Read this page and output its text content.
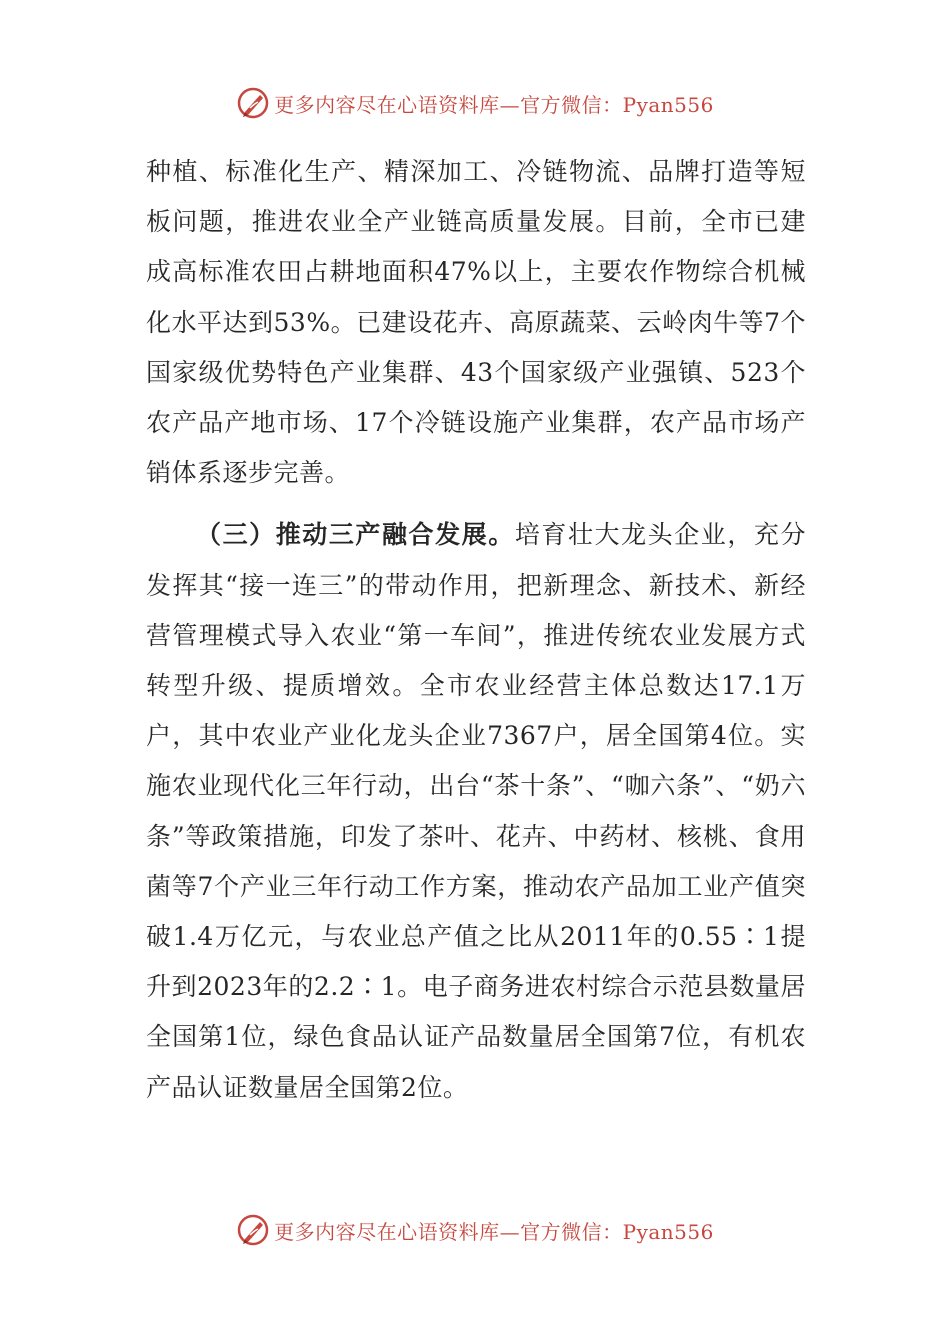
更多内容尽在心语资料库—官方微信：Pyan556

种植、标准化生产、精深加工、冷链物流、品牌打造等短板问题，推进农业全产业链高质量发展。目前，全市已建成高标准农田占耕地面积47%以上，主要农作物综合机械化水平达到53%。已建设花卉、高原蔬菜、云岭肉牛等7个国家级优势特色产业集群、43个国家级产业强镇、523个农产品产地市场、17个冷链设施产业集群，农产品市场产销体系逐步完善。

（三）推动三产融合发展。培育壮大龙头企业，充分发挥其“接一连三”的带动作用，把新理念、新技术、新经营管理模式导入农业“第一车间”，推进传统农业发展方式转型升级、提质增效。全市农业经营主体总数达17.1万户，其中农业产业化龙头企业7367户，居全国第4位。实施农业现代化三年行动，出台“茶十条”、“咖六条”、“奶六条”等政策措施，印发了茶叶、花卉、中药材、核桃、食用菌等7个产业三年行动工作方案，推动农产品加工业产值突破1.4万亿元，与农业总产值之比从2011年的0.55∶1提升到2023年的2.2∶1。电子商务进农村综合示范县数量居全国第1位，绿色食品认证产品数量居全国第7位，有机农产品认证数量居全国第2位。

更多内容尽在心语资料库—官方微信：Pyan556
